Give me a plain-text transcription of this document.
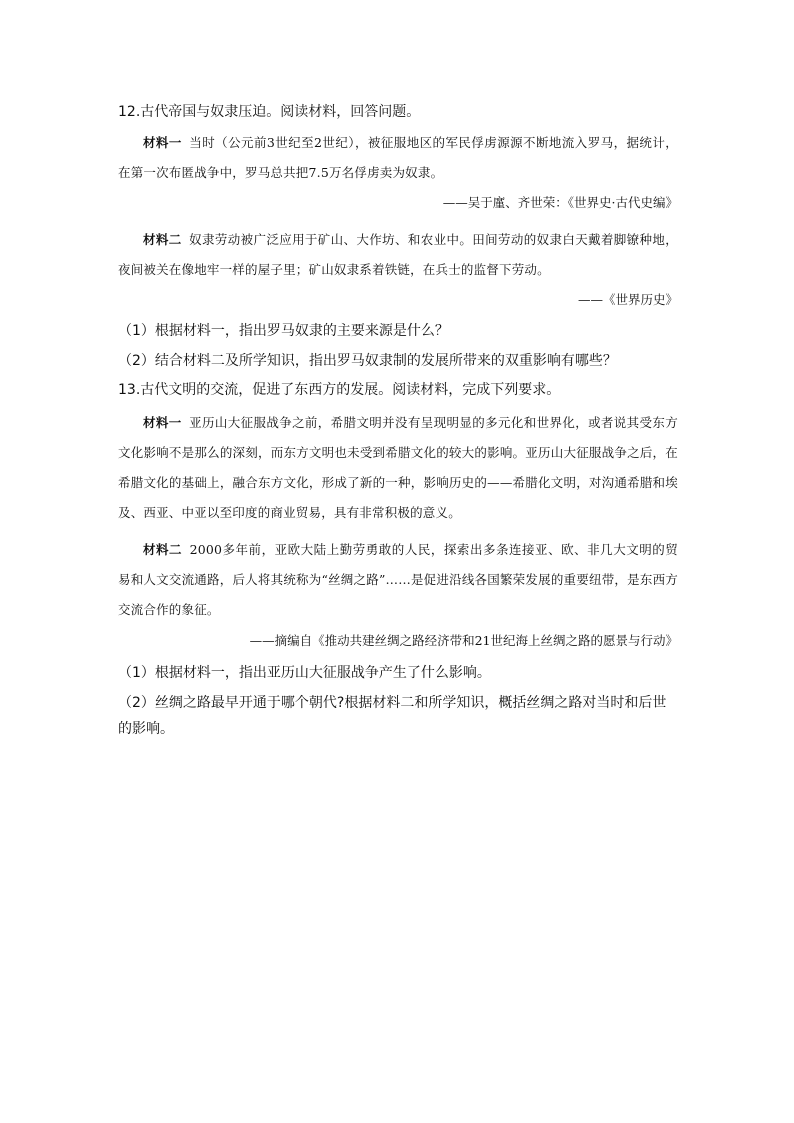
12.古代帝国与奴隶压迫。阅读材料，回答问题。
材料一 当时（公元前3世纪至2世纪），被征服地区的军民俘虏源源不断地流入罗马，据统计，在第一次布匿战争中，罗马总共把7.5万名俘虏卖为奴隶。
——吴于廑、齐世荣：《世界史·古代史编》
材料二 奴隶劳动被广泛应用于矿山、大作坊、和农业中。田间劳动的奴隶白天戴着脚镣种地，夜间被关在像地牢一样的屋子里；矿山奴隶系着铁链，在兵士的监督下劳动。
——《世界历史》
（1）根据材料一，指出罗马奴隶的主要来源是什么？
（2）结合材料二及所学知识，指出罗马奴隶制的发展所带来的双重影响有哪些？
13.古代文明的交流，促进了东西方的发展。阅读材料，完成下列要求。
材料一 亚历山大征服战争之前，希腊文明并没有呈现明显的多元化和世界化，或者说其受东方文化影响不是那么的深刻，而东方文明也未受到希腊文化的较大的影响。亚历山大征服战争之后，在希腊文化的基础上，融合东方文化，形成了新的一种，影响历史的——希腊化文明，对沟通希腊和埃及、西亚、中亚以至印度的商业贸易，具有非常积极的意义。
材料二 2000多年前，亚欧大陆上勤劳勇敢的人民，探索出多条连接亚、欧、非几大文明的贸易和人文交流通路，后人将其统称为“丝绸之路”……是促进沿线各国繁荣发展的重要纽带，是东西方交流合作的象征。
——摘编自《推动共建丝绸之路经济带和21世纪海上丝绸之路的愿景与行动》
（1）根据材料一，指出亚历山大征服战争产生了什么影响。
（2）丝绸之路最早开通于哪个朝代?根据材料二和所学知识，概括丝绸之路对当时和后世的影响。
